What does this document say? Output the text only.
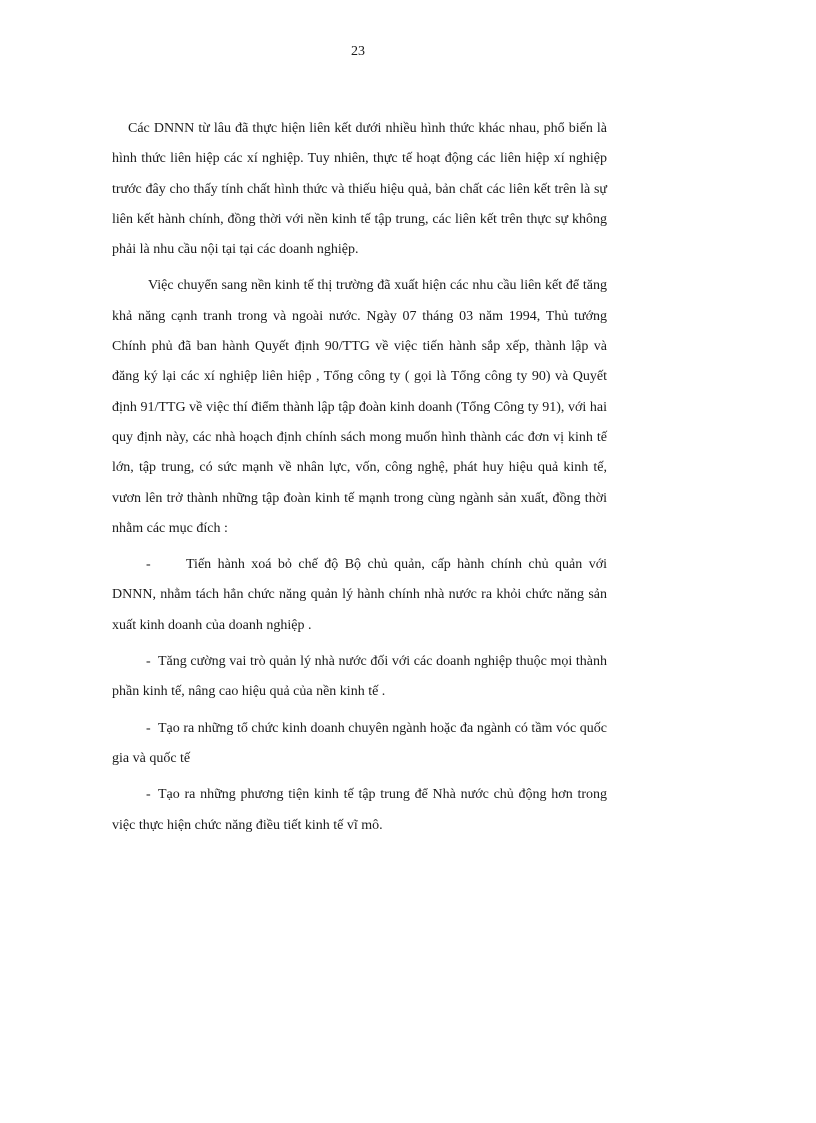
23

Các DNNN từ lâu đã thực hiện liên kết dưới nhiều hình thức khác nhau, phổ biến là hình thức liên hiệp các xí nghiệp. Tuy nhiên, thực tế hoạt động các liên hiệp xí nghiệp trước đây cho thấy tính chất hình thức và thiếu hiệu quả, bản chất các liên kết trên là sự liên kết hành chính, đồng thời với nền kinh tế tập trung, các liên kết trên thực sự không phải là nhu cầu nội tại tại các doanh nghiệp.

Việc chuyển sang nền kinh tế thị trường đã xuất hiện các nhu cầu liên kết để tăng khả năng cạnh tranh trong và ngoài nước. Ngày 07 tháng 03 năm 1994, Thủ tướng Chính phủ đã ban hành Quyết định 90/TTG về việc tiến hành sắp xếp, thành lập và đăng ký lại các xí nghiệp liên hiệp , Tổng công ty ( gọi là Tổng công ty 90) và Quyết định 91/TTG về việc thí điểm thành lập tập đoàn kinh doanh (Tổng Công ty 91), với hai quy định này, các nhà hoạch định chính sách mong muốn hình thành các đơn vị kinh tế lớn, tập trung, có sức mạnh về nhân lực, vốn, công nghệ, phát huy hiệu quả kinh tế, vươn lên trở thành những tập đoàn kinh tế mạnh trong cùng ngành sản xuất, đồng thời nhằm các mục đích :

-	Tiến hành xoá bỏ chế độ Bộ chủ quản, cấp hành chính chủ quản với DNNN, nhằm tách hẳn chức năng quản lý hành chính nhà nước ra khỏi chức năng sản xuất kinh doanh của doanh nghiệp .

- Tăng cường vai trò quản lý nhà nước đối với các doanh nghiệp thuộc mọi thành phần kinh tế, nâng cao hiệu quả của nền kinh tế .

- Tạo ra những tổ chức kinh doanh chuyên ngành hoặc đa ngành có tầm vóc quốc gia và quốc tế

- Tạo ra những phương tiện kinh tế tập trung để Nhà nước chủ động hơn trong việc thực hiện chức năng điều tiết kinh tế vĩ mô.
